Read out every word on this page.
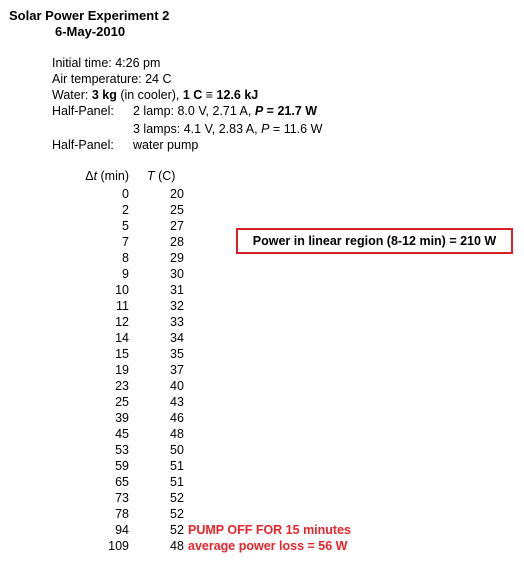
Solar Power Experiment 2
6-May-2010
Initial time: 4:26 pm
Air temperature: 24 C
Water: 3 kg (in cooler), 1 C ≡ 12.6 kJ
Half-Panel: 2 lamp: 8.0 V, 2.71 A, P = 21.7 W
3 lamps: 4.1 V, 2.83 A, P = 11.6 W
Half-Panel: water pump
Δt (min) T (C)
0	20
2	25
5	27
7	28
8	29
9	30
10	31
11	32
12	33
14	34
15	35
19	37
23	40
25	43
39	46
45	48
53	50
59	51
65	51
73	52
78	52
94	52 PUMP OFF FOR 15 minutes
109	48 average power loss = 56 W
Power in linear region (8-12 min) = 210 W
